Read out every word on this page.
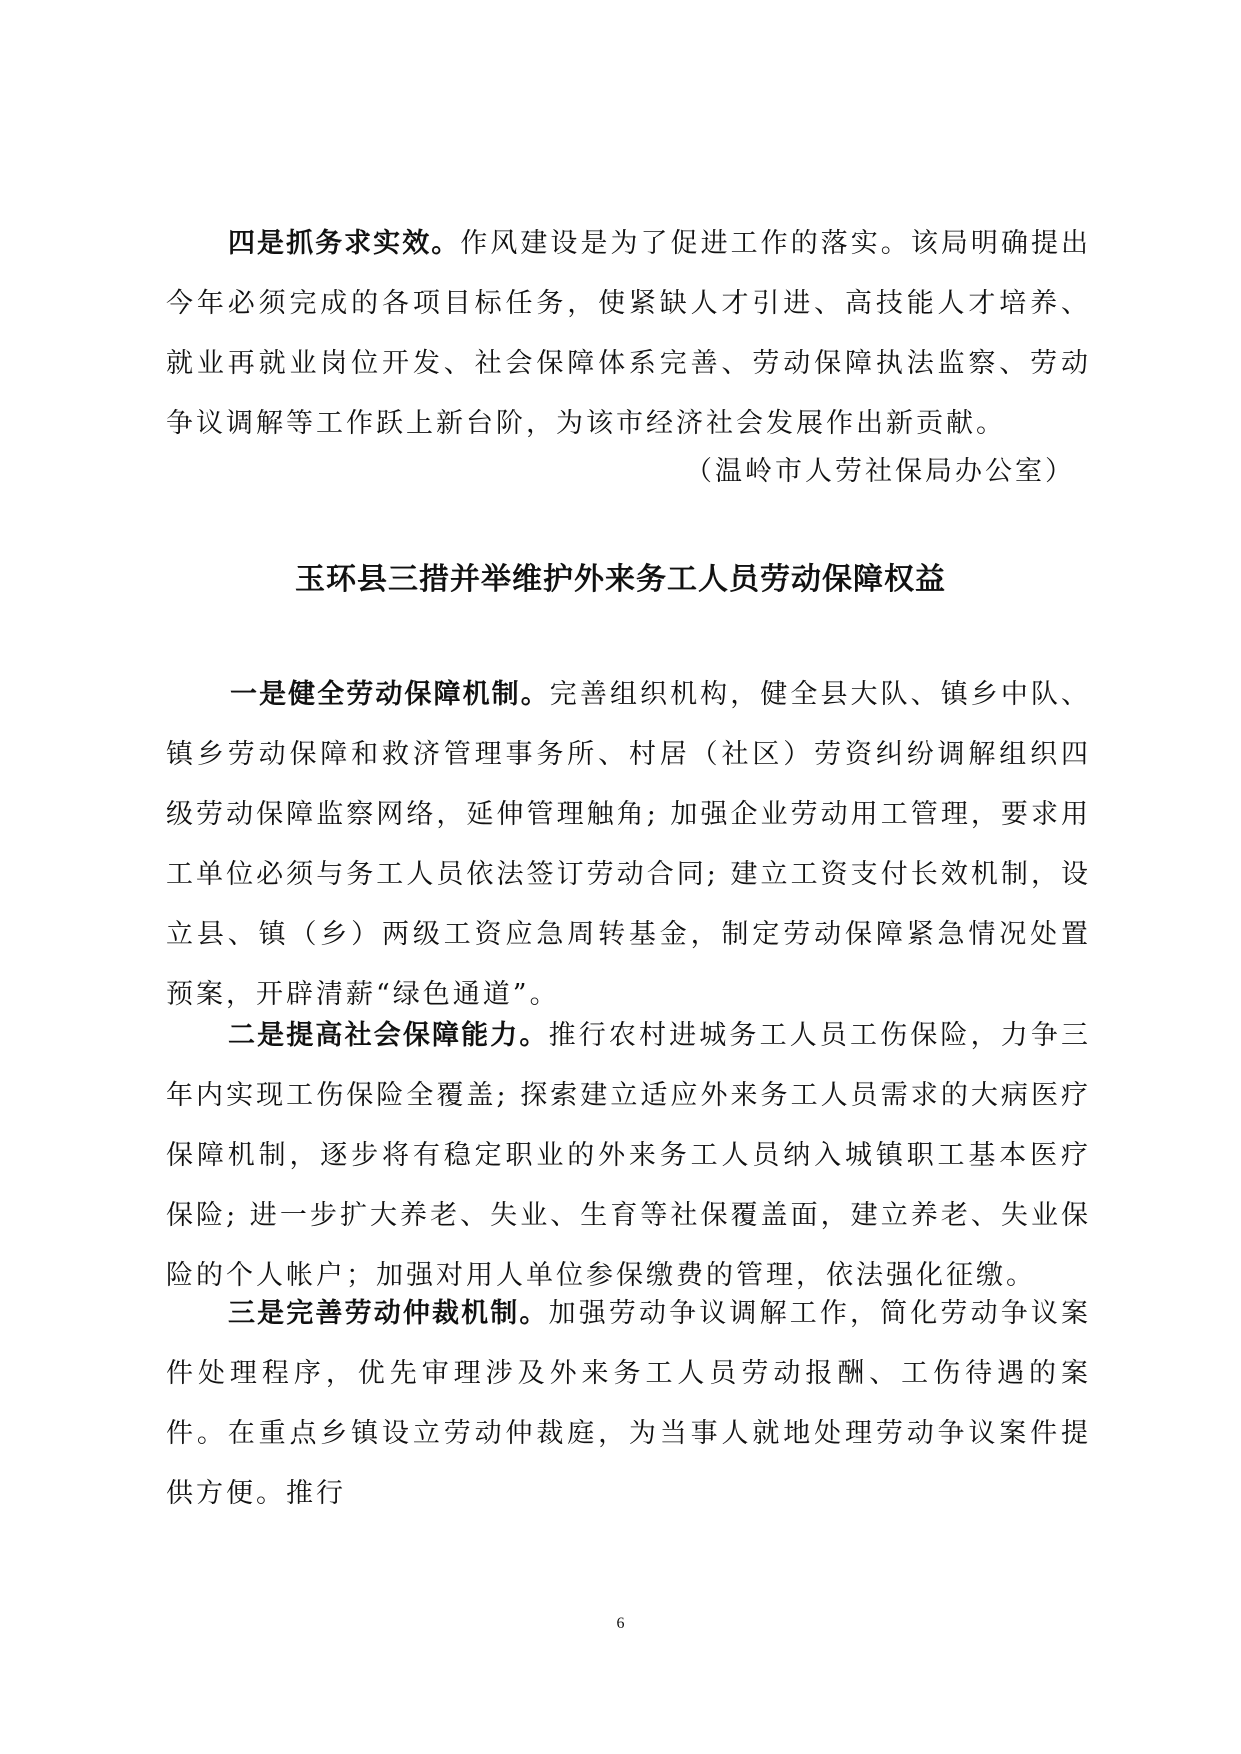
四是抓务求实效。作风建设是为了促进工作的落实。该局明确提出今年必须完成的各项目标任务，使紧缺人才引进、高技能人才培养、就业再就业岗位开发、社会保障体系完善、劳动保障执法监察、劳动争议调解等工作跃上新台阶，为该市经济社会发展作出新贡献。

（温岭市人劳社保局办公室）

玉环县三措并举维护外来务工人员劳动保障权益

一是健全劳动保障机制。完善组织机构，健全县大队、镇乡中队、镇乡劳动保障和救济管理事务所、村居（社区）劳资纠纷调解组织四级劳动保障监察网络，延伸管理触角; 加强企业劳动用工管理，要求用工单位必须与务工人员依法签订劳动合同; 建立工资支付长效机制，设立县、镇（乡）两级工资应急周转基金，制定劳动保障紧急情况处置预案，开辟清薪“绿色通道”。

二是提高社会保障能力。推行农村进城务工人员工伤保险，力争三年内实现工伤保险全覆盖; 探索建立适应外来务工人员需求的大病医疗保障机制，逐步将有稳定职业的外来务工人员纳入城镇职工基本医疗保险; 进一步扩大养老、失业、生育等社保覆盖面，建立养老、失业保险的个人帐户；加强对用人单位参保缴费的管理，依法强化征缴。

三是完善劳动仲裁机制。加强劳动争议调解工作，简化劳动争议案件处理程序，优先审理涉及外来务工人员劳动报酬、工伤待遇的案件。在重点乡镇设立劳动仲裁庭，为当事人就地处理劳动争议案件提供方便。推行

6
